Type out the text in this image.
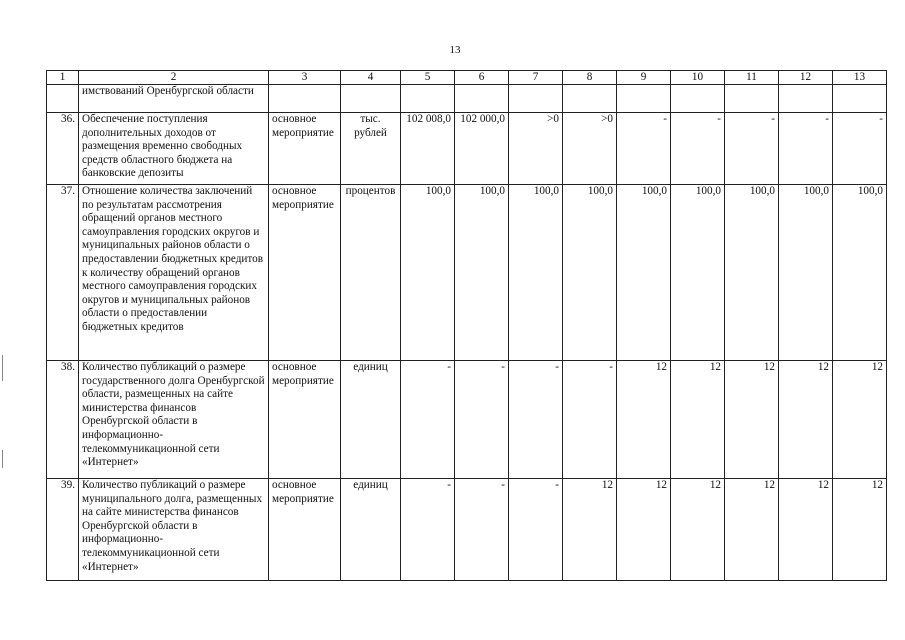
13
1	2	3	4	5	6	7	8	9	10	11	12	13
	имствований Оренбургской области											
36.	Обеспечение поступления дополнительных доходов от размещения временно свободных средств областного бюджета на банковские депозиты	основное мероприятие	тыс. рублей	102 008,0	102 000,0	>0	>0	-	-	-	-	-
37.	Отношение количества заключений по результатам рассмотрения обращений органов местного самоуправления городских округов и муниципальных районов области о предоставлении бюджетных кредитов к количеству обращений органов местного самоуправления городских округов и муниципальных районов области о предоставлении бюджетных кредитов	основное мероприятие	процентов	100,0	100,0	100,0	100,0	100,0	100,0	100,0	100,0	100,0
38.	Количество публикаций о размере государственного долга Оренбургской области, размещенных на сайте министерства финансов Оренбургской области в информационно-телекоммуникационной сети «Интернет»	основное мероприятие	единиц	-	-	-	-	12	12	12	12	12
39.	Количество публикаций о размере муниципального долга, размещенных на сайте министерства финансов Оренбургской области в информационно-телекоммуникационной сети «Интернет»	основное мероприятие	единиц	-	-	-	12	12	12	12	12	12
